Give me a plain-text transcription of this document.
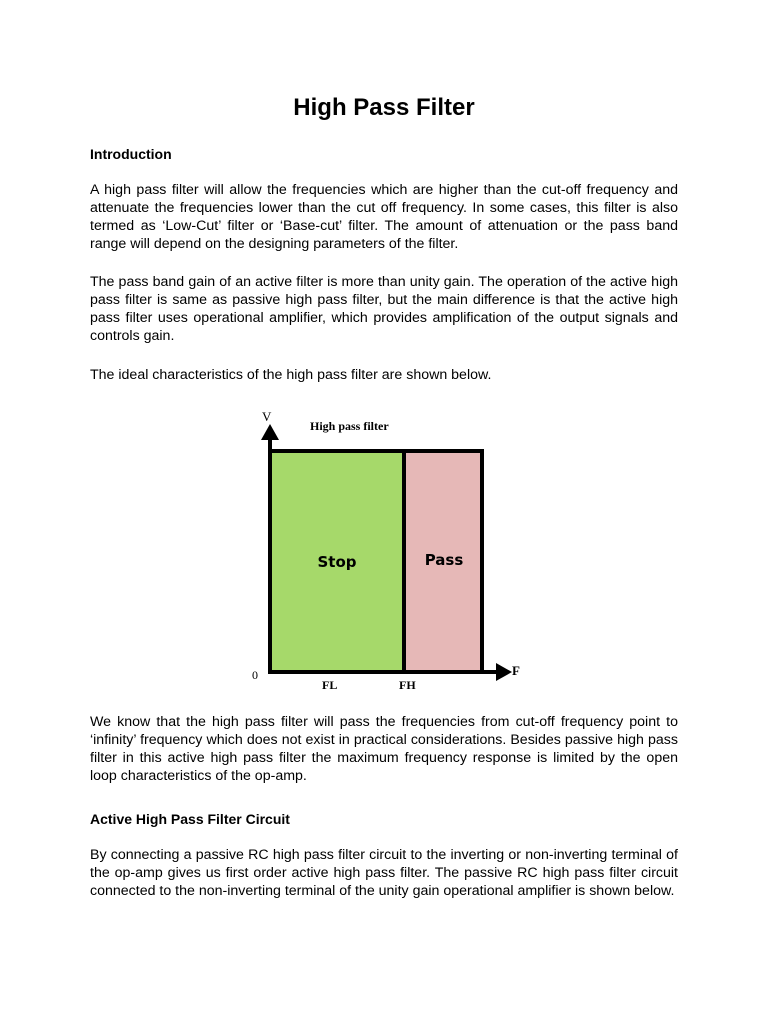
High Pass Filter

Introduction

A high pass filter will allow the frequencies which are higher than the cut-off frequency and attenuate the frequencies lower than the cut off frequency. In some cases, this filter is also termed as ‘Low-Cut’ filter or ‘Base-cut’ filter. The amount of attenuation or the pass band range will depend on the designing parameters of the filter.

The pass band gain of an active filter is more than unity gain. The operation of the active high pass filter is same as passive high pass filter, but the main difference is that the active high pass filter uses operational amplifier, which provides amplification of the output signals and controls gain.

The ideal characteristics of the high pass filter are shown below.

V
High pass filter
Stop	Pass
0	F
FL	FH

We know that the high pass filter will pass the frequencies from cut-off frequency point to ‘infinity’ frequency which does not exist in practical considerations. Besides passive high pass filter in this active high pass filter the maximum frequency response is limited by the open loop characteristics of the op-amp.

Active High Pass Filter Circuit

By connecting a passive RC high pass filter circuit to the inverting or non-inverting terminal of the op-amp gives us first order active high pass filter. The passive RC high pass filter circuit connected to the non-inverting terminal of the unity gain operational amplifier is shown below.
